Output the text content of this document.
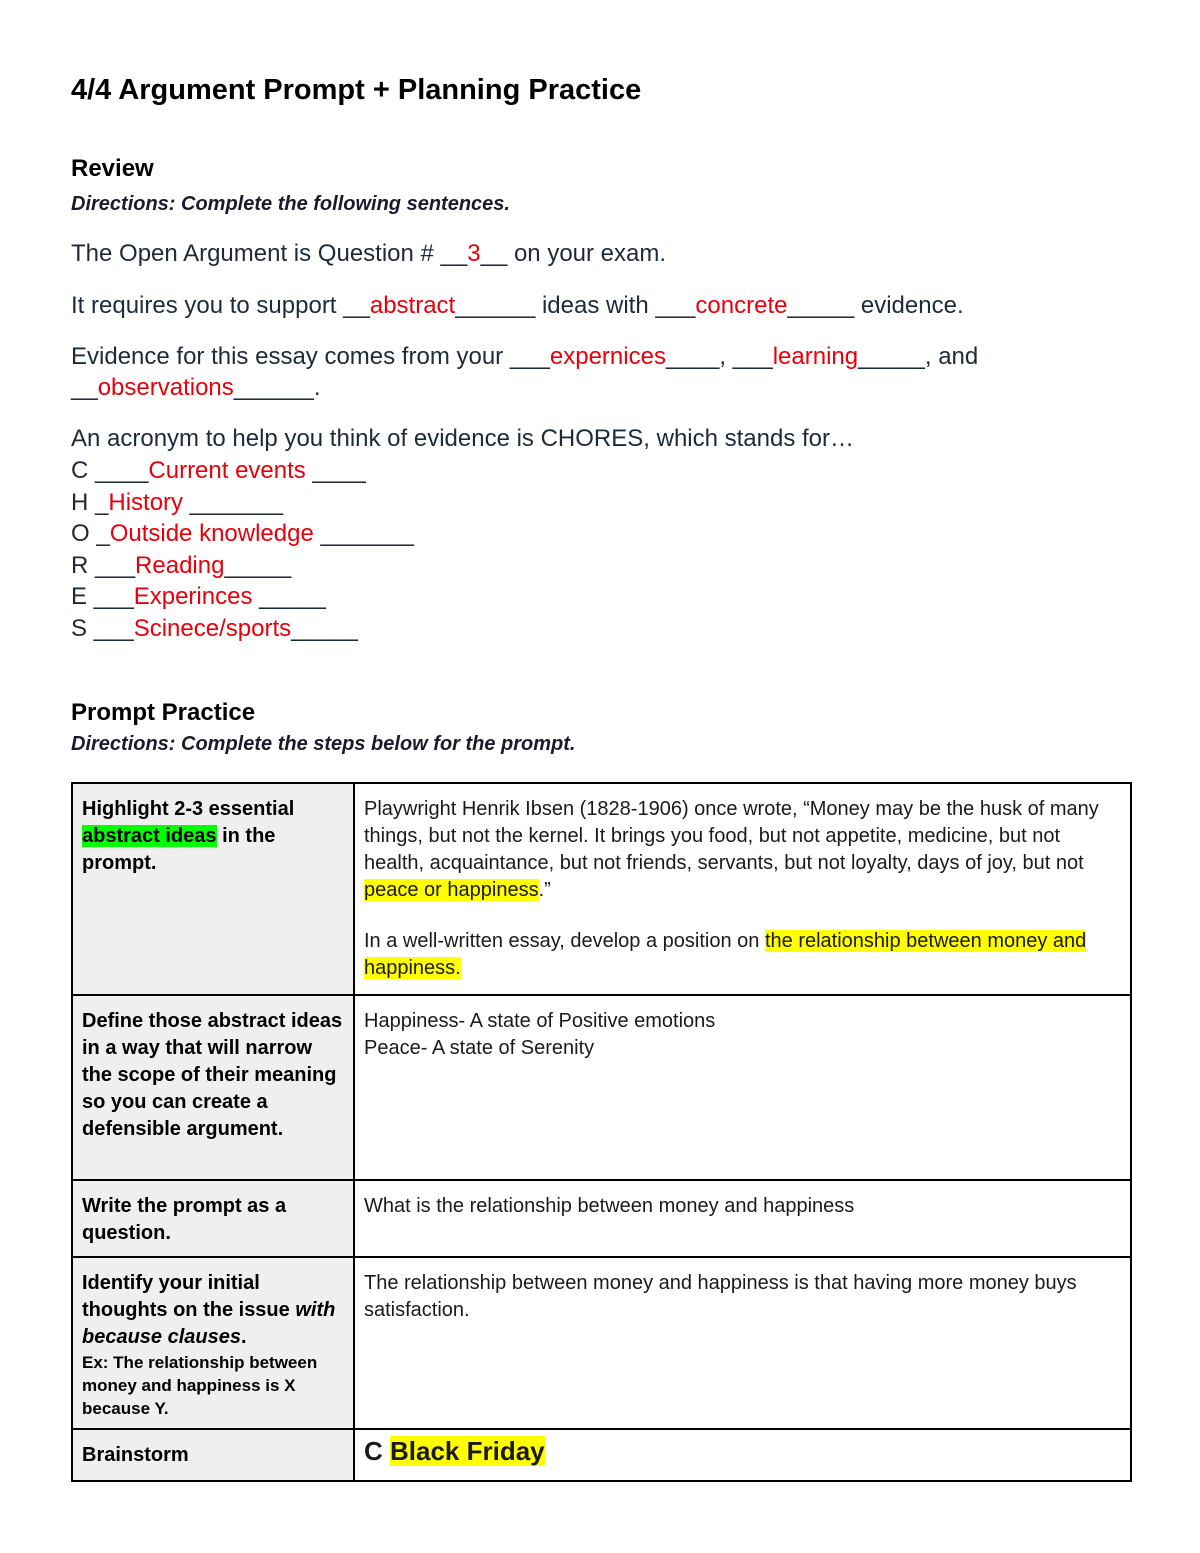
4/4 Argument Prompt + Planning Practice
Review
Directions: Complete the following sentences.
The Open Argument is Question # __3__ on your exam.
It requires you to support __abstract______ ideas with ___concrete_____ evidence.
Evidence for this essay comes from your ___expernices____, ___learning_____, and
__observations______.
An acronym to help you think of evidence is CHORES, which stands for…
C ____Current events ____
H _History _______
O _Outside knowledge _______
R ___Reading_____
E ___Experinces _____
S ___Scinece/sports_____
Prompt Practice
Directions: Complete the steps below for the prompt.
Highlight 2-3 essential abstract ideas in the prompt.	Playwright Henrik Ibsen (1828-1906) once wrote, “Money may be the husk of many things, but not the kernel. It brings you food, but not appetite, medicine, but not health, acquaintance, but not friends, servants, but not loyalty, days of joy, but not peace or happiness.”
In a well-written essay, develop a position on the relationship between money and happiness.

Define those abstract ideas in a way that will narrow the scope of their meaning so you can create a defensible argument.	Happiness- A state of Positive emotions
Peace- A state of Serenity

Write the prompt as a question.	What is the relationship between money and happiness
Identify your initial thoughts on the issue with because clauses.
Ex: The relationship between money and happiness is X because Y.	The relationship between money and happiness is that having more money buys satisfaction.
Brainstorm	C Black Friday
